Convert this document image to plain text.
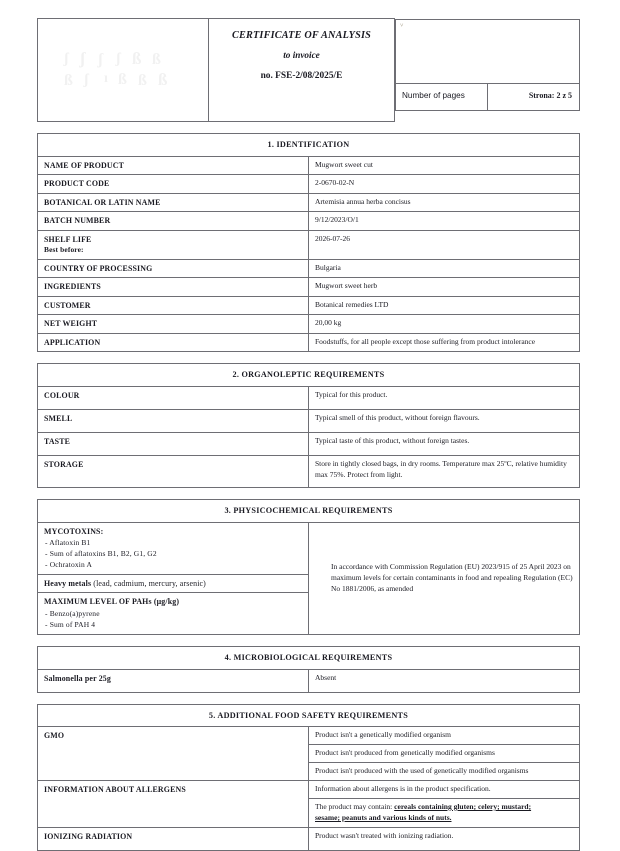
ʃ ʃ ʃ ʃ ß ß
ß ʃ ı ß ß ß

CERTIFICATE OF ANALYSIS
to invoice
no. FSE-2/08/2025/E

˅

Number of pages	Strona: 2 z 5
1. IDENTIFICATION	
NAME OF PRODUCT	Mugwort sweet cut
PRODUCT CODE	2-0670-02-N
BOTANICAL OR LATIN NAME	Artemisia annua herba concisus
BATCH NUMBER	9/12/2023/O/1
SHELF LIFE
Best before:	2026-07-26
COUNTRY OF PROCESSING	Bulgaria
INGREDIENTS	Mugwort sweet herb
CUSTOMER	Botanical remedies LTD
NET WEIGHT	20,00 kg
APPLICATION	Foodstuffs, for all people except those suffering from product intolerance
2. ORGANOLEPTIC REQUIREMENTS	
COLOUR	Typical for this product.
SMELL	Typical smell of this product, without foreign flavours.
TASTE	Typical taste of this product, without foreign tastes.
STORAGE	Store in tightly closed bags, in dry rooms. Temperature max 25ºC, relative humidity max 75%. Protect from light.
3. PHYSICOCHEMICAL REQUIREMENTS

MYCOTOXINS:
- Aflatoxin B1
- Sum of aflatoxins B1, B2, G1, G2
- Ochratoxin A	In accordance with Commission Regulation (EU) 2023/915 of 25 April 2023 on maximum levels for certain contaminants in food and repealing Regulation (EC) No 1881/2006, as amended
Heavy metals (lead, cadmium, mercury, arsenic)

MAXIMUM LEVEL OF PAHs (µg/kg)
- Benzo(a)pyrene
- Sum of PAH 4
4. MICROBIOLOGICAL REQUIREMENTS
Salmonella per 25g	Absent
5. ADDITIONAL FOOD SAFETY REQUIREMENTS	
GMO	Product isn't a genetically modified organism
	Product isn't produced from genetically modified organisms
	Product isn't produced with the used of genetically modified organisms
INFORMATION ABOUT ALLERGENS	Information about allergens is in the product specification.
	The product may contain: cereals containing gluten; celery; mustard;
sesame; peanuts and various kinds of nuts.

IONIZING RADIATION	Product wasn't treated with ionizing radiation.
